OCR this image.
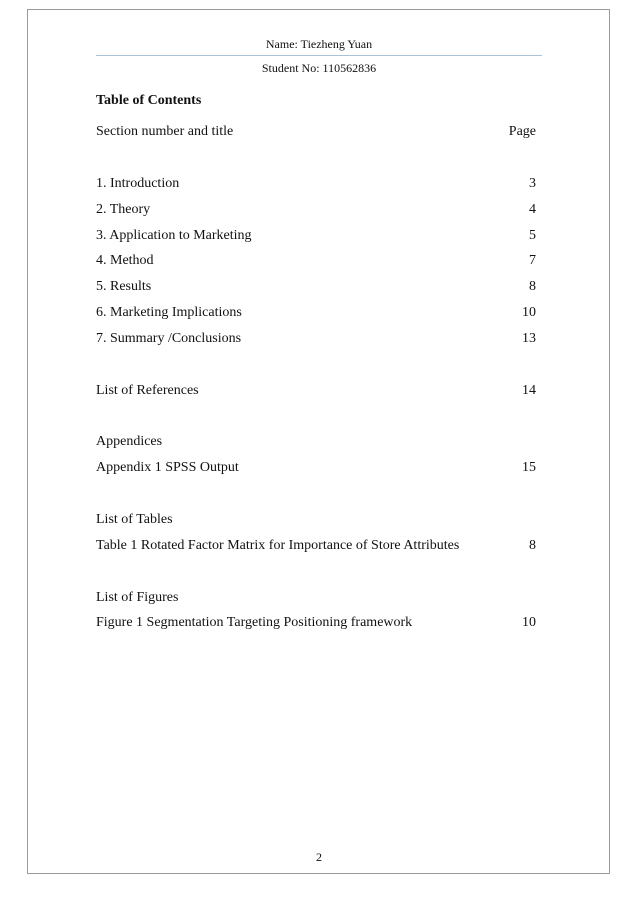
Name: Tiezheng Yuan
Student No: 110562836
Table of Contents
Section number and title	Page
1. Introduction	3
2. Theory	4
3. Application to Marketing	5
4. Method	7
5. Results	8
6. Marketing Implications	10
7. Summary /Conclusions	13
List of References	14
Appendices
Appendix 1 SPSS Output	15
List of Tables
Table 1 Rotated Factor Matrix for Importance of Store Attributes	8
List of Figures
Figure 1 Segmentation Targeting Positioning framework	10
2
